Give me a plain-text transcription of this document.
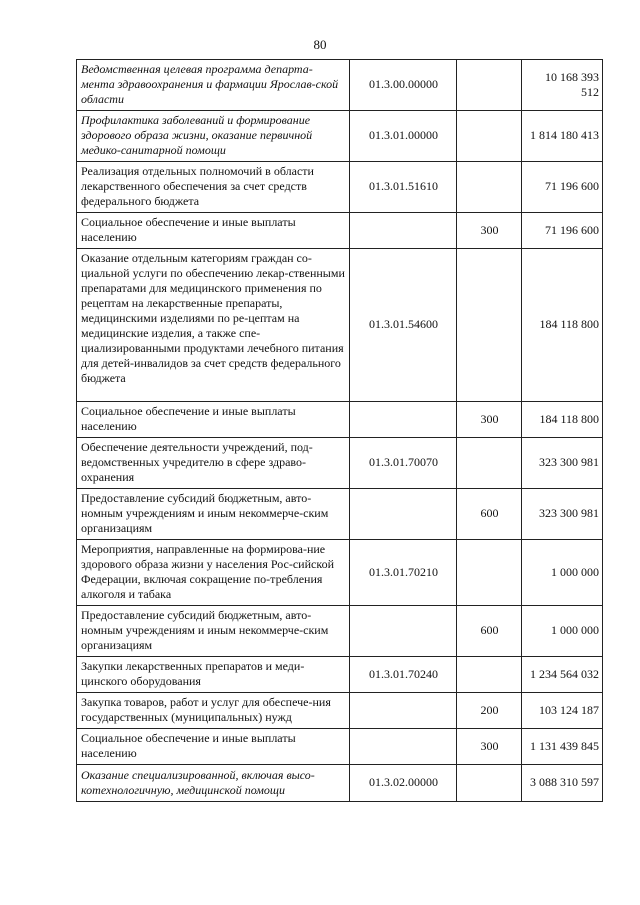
80
Ведомственная целевая программа департа-мента здравоохранения и фармации Ярослав-ской области	01.3.00.00000		10 168 393 512
Профилактика заболеваний и формирование здорового образа жизни, оказание первичной медико-санитарной помощи	01.3.01.00000		1 814 180 413
Реализация отдельных полномочий в области лекарственного обеспечения за счет средств федерального бюджета	01.3.01.51610		71 196 600
Социальное обеспечение и иные выплаты населению		300	71 196 600
Оказание отдельным категориям граждан со-циальной услуги по обеспечению лекар-ственными препаратами для медицинского применения по рецептам на лекарственные препараты, медицинскими изделиями по ре-цептам на медицинские изделия, а также спе-циализированными продуктами лечебного питания для детей-инвалидов за счет средств федерального бюджета	01.3.01.54600		184 118 800
Социальное обеспечение и иные выплаты населению		300	184 118 800
Обеспечение деятельности учреждений, под-ведомственных учредителю в сфере здраво-охранения	01.3.01.70070		323 300 981
Предоставление субсидий бюджетным, авто-номным учреждениям и иным некоммерче-ским организациям		600	323 300 981
Мероприятия, направленные на формирова-ние здорового образа жизни у населения Рос-сийской Федерации, включая сокращение по-требления алкоголя и табака	01.3.01.70210		1 000 000
Предоставление субсидий бюджетным, авто-номным учреждениям и иным некоммерче-ским организациям		600	1 000 000
Закупки лекарственных препаратов и меди-цинского оборудования	01.3.01.70240		1 234 564 032
Закупка товаров, работ и услуг для обеспече-ния государственных (муниципальных) нужд		200	103 124 187
Социальное обеспечение и иные выплаты населению		300	1 131 439 845
Оказание специализированной, включая высо-котехнологичную, медицинской помощи	01.3.02.00000		3 088 310 597
